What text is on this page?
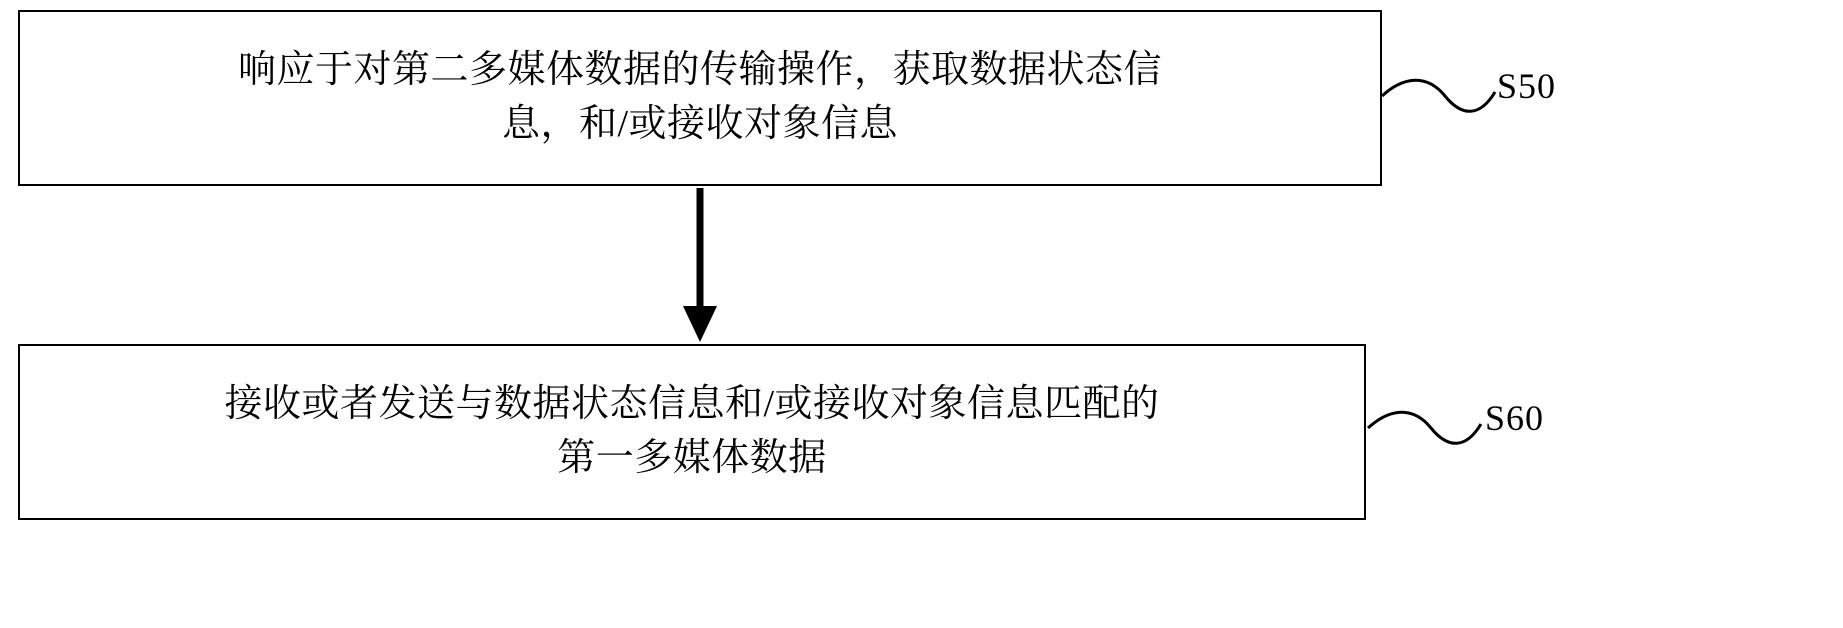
响应于对第二多媒体数据的传输操作，获取数据状态信
息，和/或接收对象信息
S50
接收或者发送与数据状态信息和/或接收对象信息匹配的
第一多媒体数据
S60
